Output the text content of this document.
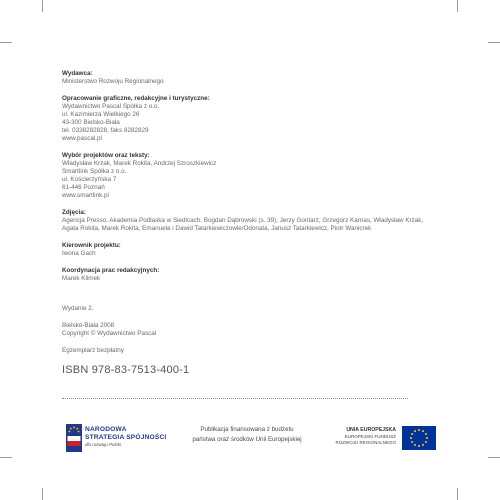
Wydawca:
Ministerstwo Rozwoju Regionalnego
Opracowanie graficzne, redakcyjne i turystyczne:
Wydawnictwo Pascal Spółka z o.o.
ul. Kazimierza Wielkiego 26
43-300 Bielsko-Biała
tel. 0338282828, faks 8282829
www.pascal.pl
Wybór projektów oraz teksty:
Władysław Krzak, Marek Rokita, Andrzej Szroszkiewicz
Smartlink Spółka z o.o.
ul. Kościerzyńska 7
61-446 Poznań
www.smartlink.pl
Zdjęcia:
Agencja Presso, Akademia Podlaska w Siedlcach, Bogdan Dąbrowski (s. 39), Jerzy Gontarz, Grzegorz Karnas, Władysław Krzak,
Agata Rokita, Marek Rokita, Emanuela i Dawid Tatarkiewiczowie/Odonata, Janusz Tatarkiewicz, Piotr Wanicrek
Kierownik projektu:
Iwona Gach
Koordynacja prac redakcyjnych:
Marek Klimek
Wydanie 2.
Bielsko-Biała 2008
Copyright © Wydawnictwo Pascal
Egzemplarz bezpłatny
ISBN 978-83-7513-400-1
NARODOWA
STRATEGIA SPÓJNOŚCI
dla rozwoju Polski
Publikacja finansowana z budżetu
państwa oraz środków Unii Europejskiej
UNIA EUROPEJSKA
EUROPEJSKI FUNDUSZ
ROZWOJU REGIONALNEGO
